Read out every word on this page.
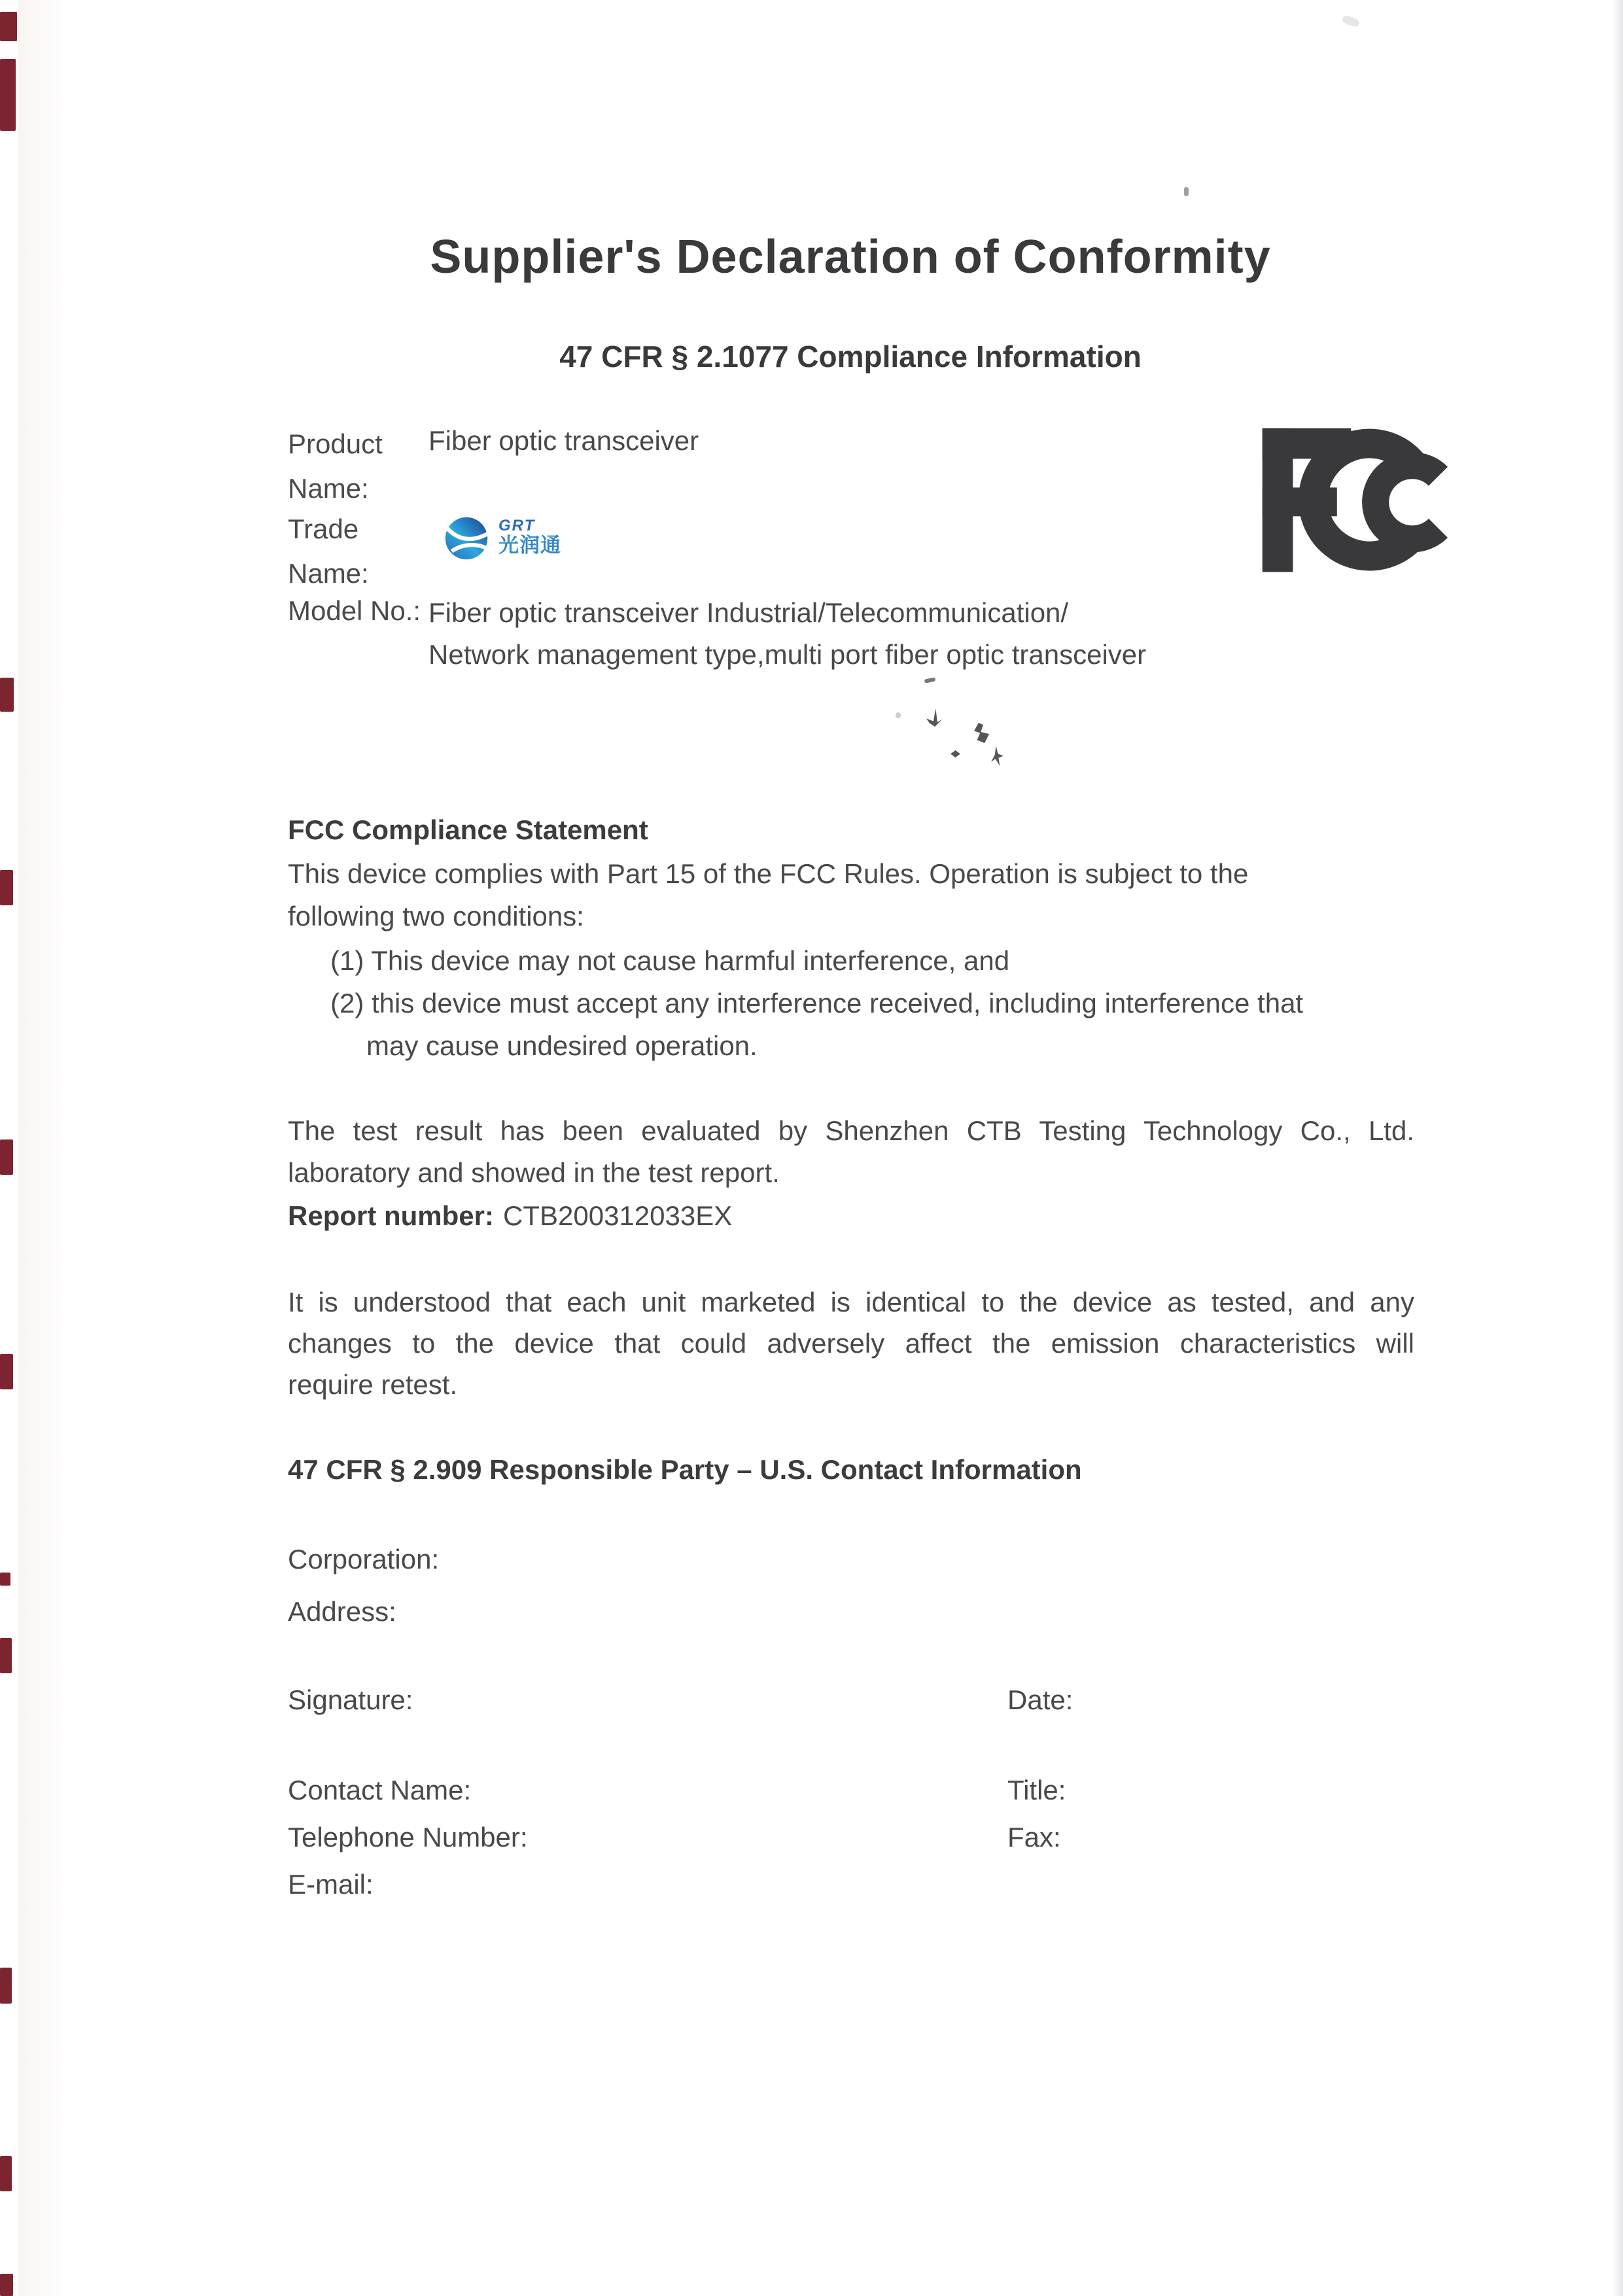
Supplier's Declaration of Conformity
47 CFR § 2.1077 Compliance Information
Product Name:
Fiber optic transceiver
Trade Name:
GRT
光润通
Model No.: Fiber optic transceiver Industrial/Telecommunication/
Network management type,multi port fiber optic transceiver
FCC Compliance Statement
This device complies with Part 15 of the FCC Rules. Operation is subject to the
following two conditions:
(1) This device may not cause harmful interference, and
(2) this device must accept any interference received, including interference that
may cause undesired operation.
The test result has been evaluated by Shenzhen CTB Testing Technology Co., Ltd.
laboratory and showed in the test report.
Report number: CTB200312033EX
It is understood that each unit marketed is identical to the device as tested, and any
changes to the device that could adversely affect the emission characteristics will
require retest.
47 CFR § 2.909 Responsible Party – U.S. Contact Information
Corporation:
Address:
Signature:	Date:
Contact Name:	Title:
Telephone Number:	Fax:
E-mail:
